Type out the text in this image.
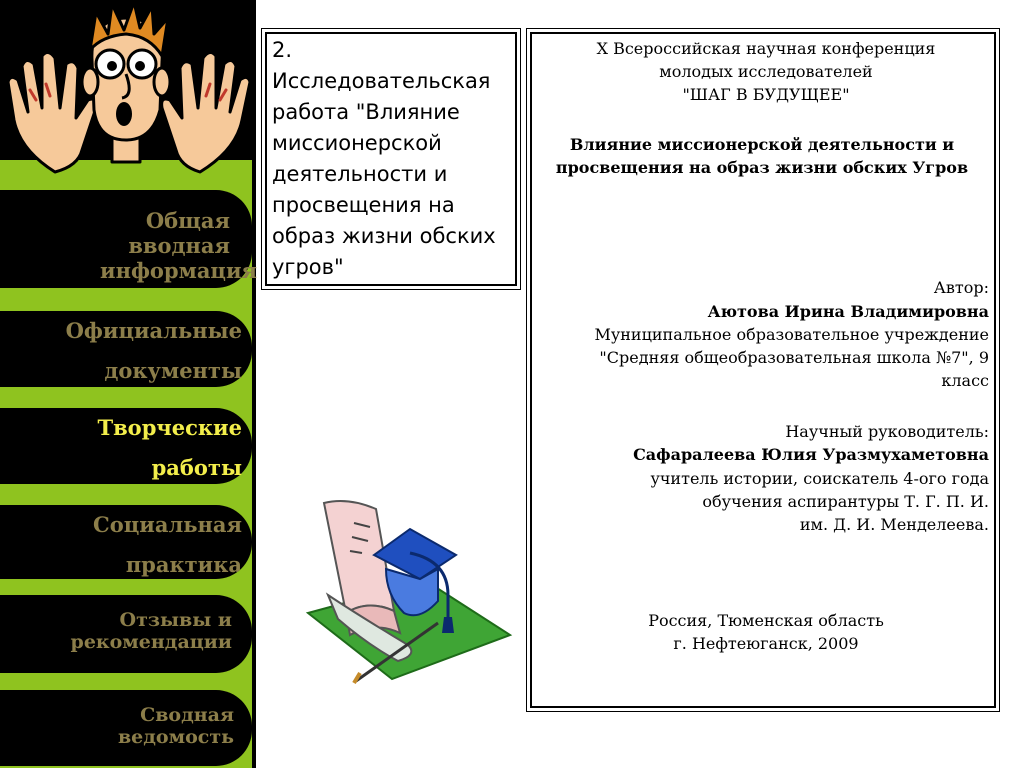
Общая вводная информация
Официальные документы
Творческие работы
Социальная практика
Отзывы и рекомендации
Сводная ведомость
2.
Исследовательская работа "Влияние миссионерской деятельности и просвещения на образ жизни обских угров"
Х Всероссийская научная конференция
молодых исследователей
"ШАГ В БУДУЩЕЕ"
Влияние миссионерской деятельности и просвещения на образ жизни обских Угров
Автор:
Аютова Ирина Владимировна
Муниципальное образовательное учреждение "Средняя общеобразовательная школа №7", 9 класс
Научный руководитель:
Сафаралеева Юлия Уразмухаметовна
учитель истории, соискатель 4-ого года обучения аспирантуры Т. Г. П. И.
им. Д. И. Менделеева.
Россия, Тюменская область
г. Нефтеюганск, 2009
